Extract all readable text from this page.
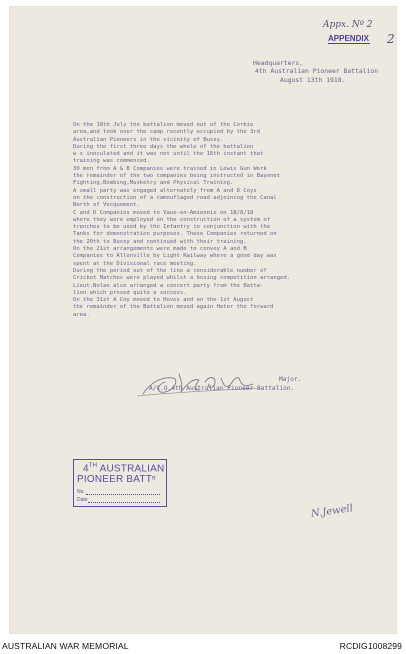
Appx. Nº 2
APPENDIX 2
Headquarters,
4th Australian Pioneer Battalion
August 13th 1918.

On the 18th July the battalion moved out of the Corbie

area,and took over the camp recently occupied by the 3rd

Australian Pioneers in the vicinity of Bussy.

During the first three days the whole of the battalion

w s inoculated and it was not until the 16th instant that

training was commenced.

30 men from A & B Companies were trained in Lewis Gun Work

the remainder of the two companies being instructed in Bayonet

Fighting,Bombing,Musketry and Physical Training.

A small party was engaged alternately from A and D Coys

on the construction of a camouflaged road adjoining the Canal

North of Vecquemont.

C and D Companies moved to Vaux-en-Amienois on 18/8/18

where they were employed on the construction of a system of

trenches to be used by the Infantry in conjunction with the

Tanks for demonstration purposes. These Companies returned on

the 20th to Bussy and continued with their training.

On the 21st arrangements were made to convey A and B

Companies to Allonville by Light Railway where a good day was

spent at the Divisional race meeting.

During the period out of the line a considerable number of

Cricket Matches were played whilst a boxing competition arranged.

Lieut.Nolan also arranged a concert party from the Batta-

lion which proved quite a success.

On the 31st A Coy moved to Hoves and on the 1st August

the remainder of the Battalion moved again Hetor the forward

area.

Major.
A/C.O.4th Australian Pioneer Battalion.
4TH AUSTRALIAN
PIONEER BATTⁿ
No.
Date
N.Jewell
AUSTRALIAN WAR MEMORIAL	RCDIG1008299
